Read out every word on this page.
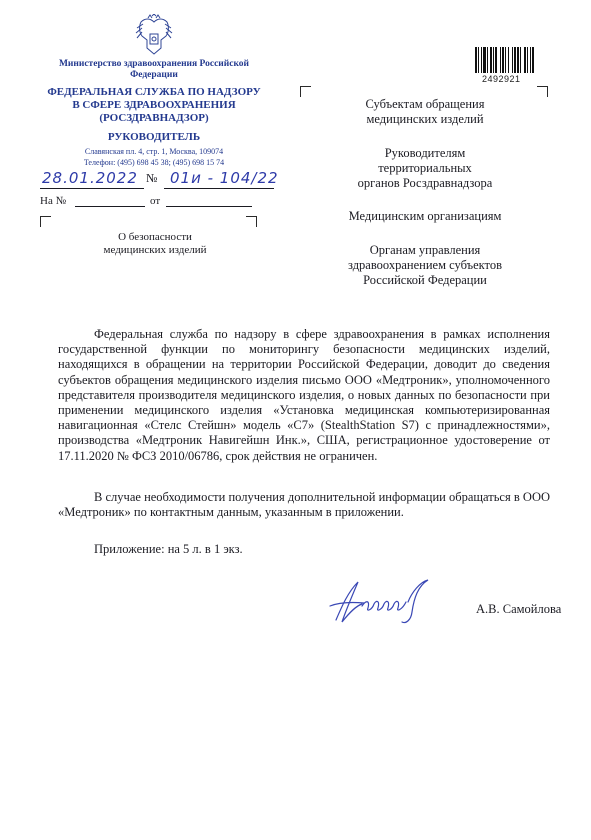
Министерство здравоохранения Российской Федерации
ФЕДЕРАЛЬНАЯ СЛУЖБА ПО НАДЗОРУ
В СФЕРЕ ЗДРАВООХРАНЕНИЯ
(РОСЗДРАВНАДЗОР)
РУКОВОДИТЕЛЬ
Славянская пл. 4, стр. 1, Москва, 109074
Телефон: (495) 698 45 38; (495) 698 15 74
28.01.2022 № 01и - 104/22
На №	от
О безопасности
медицинских изделий
2492921
Субъектам обращения
медицинских изделий
Руководителям
территориальных
органов Росздравнадзора
Медицинским организациям
Органам управления
здравоохранением субъектов
Российской Федерации
Федеральная служба по надзору в сфере здравоохранения в рамках исполнения государственной функции по мониторингу безопасности медицинских изделий, находящихся в обращении на территории Российской Федерации, доводит до сведения субъектов обращения медицинского изделия письмо ООО «Медтроник», уполномоченного представителя производителя медицинского изделия, о новых данных по безопасности при применении медицинского изделия «Установка медицинская компьютеризированная навигационная «Стелс Стейшн» модель «С7» (StealthStation S7) с принадлежностями», производства «Медтроник Навигейшн Инк.», США, регистрационное удостоверение от 17.11.2020 № ФСЗ 2010/06786, срок действия не ограничен.
В случае необходимости получения дополнительной информации обращаться в ООО «Медтроник» по контактным данным, указанным в приложении.
Приложение: на 5 л. в 1 экз.
А.В. Самойлова
